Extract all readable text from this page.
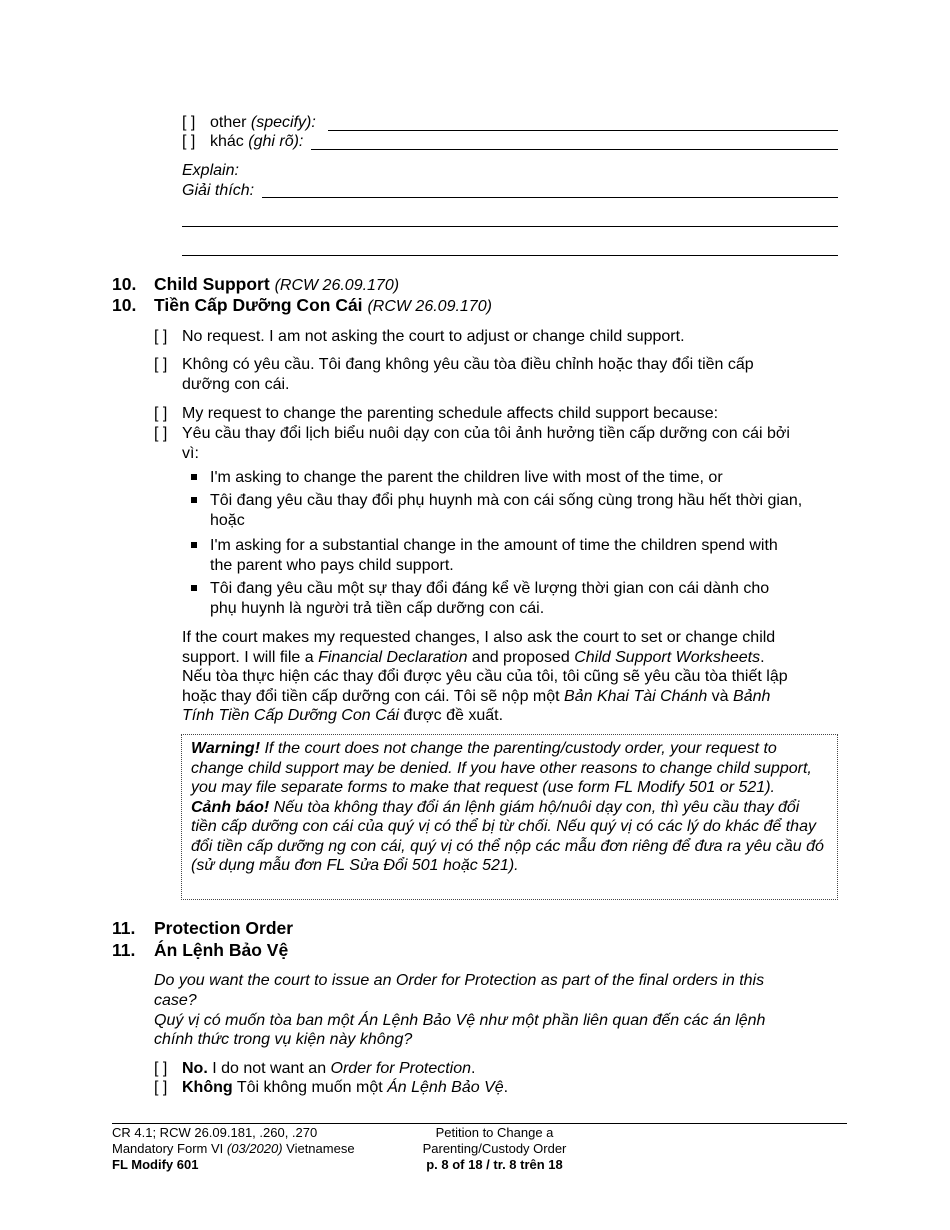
[ ] other (specify):
[ ] khác (ghi rõ):
Explain:
Giải thích:
10. Child Support (RCW 26.09.170)
10. Tiền Cấp Dưỡng Con Cái (RCW 26.09.170)
[ ] No request. I am not asking the court to adjust or change child support.
[ ] Không có yêu cầu. Tôi đang không yêu cầu tòa điều chỉnh hoặc thay đổi tiền cấp
dưỡng con cái.
[ ] My request to change the parenting schedule affects child support because:
[ ] Yêu cầu thay đổi lịch biểu nuôi dạy con của tôi ảnh hưởng tiền cấp dưỡng con cái bởi
vì:
I'm asking to change the parent the children live with most of the time, or
Tôi đang yêu cầu thay đổi phụ huynh mà con cái sống cùng trong hầu hết thời gian,
hoặc
I'm asking for a substantial change in the amount of time the children spend with
the parent who pays child support.
Tôi đang yêu cầu một sự thay đổi đáng kể về lượng thời gian con cái dành cho
phụ huynh là người trả tiền cấp dưỡng con cái.
If the court makes my requested changes, I also ask the court to set or change child
support. I will file a Financial Declaration and proposed Child Support Worksheets.
Nếu tòa thực hiện các thay đổi được yêu cầu của tôi, tôi cũng sẽ yêu cầu tòa thiết lập
hoặc thay đổi tiền cấp dưỡng con cái. Tôi sẽ nộp một Bản Khai Tài Chánh và Bảnh
Tính Tiền Cấp Dưỡng Con Cái được đề xuất.

Warning! If the court does not change the parenting/custody order, your request to change child support may be denied. If you have other reasons to change child support, you may file separate forms to make that request (use form FL Modify 501 or 521).

Cảnh báo! Nếu tòa không thay đổi án lệnh giám hộ/nuôi dạy con, thì yêu cầu thay đổi tiền cấp dưỡng con cái của quý vị có thể bị từ chối. Nếu quý vị có các lý do khác để thay đổi tiền cấp dưỡng ng con cái, quý vị có thể nộp các mẫu đơn riêng để đưa ra yêu cầu đó (sử dụng mẫu đơn FL Sửa Đổi 501 hoặc 521).

11. Protection Order
11. Án Lệnh Bảo Vệ
Do you want the court to issue an Order for Protection as part of the final orders in this
case?
Quý vị có muốn tòa ban một Án Lệnh Bảo Vệ như một phần liên quan đến các án lệnh
chính thức trong vụ kiện này không?
[ ] No. I do not want an Order for Protection.
[ ] Không Tôi không muốn một Án Lệnh Bảo Vệ.
CR 4.1; RCW 26.09.181, .260, .270
Mandatory Form VI (03/2020) Vietnamese
FL Modify 601
Petition to Change a
Parenting/Custody Order
p. 8 of 18 / tr. 8 trên 18
